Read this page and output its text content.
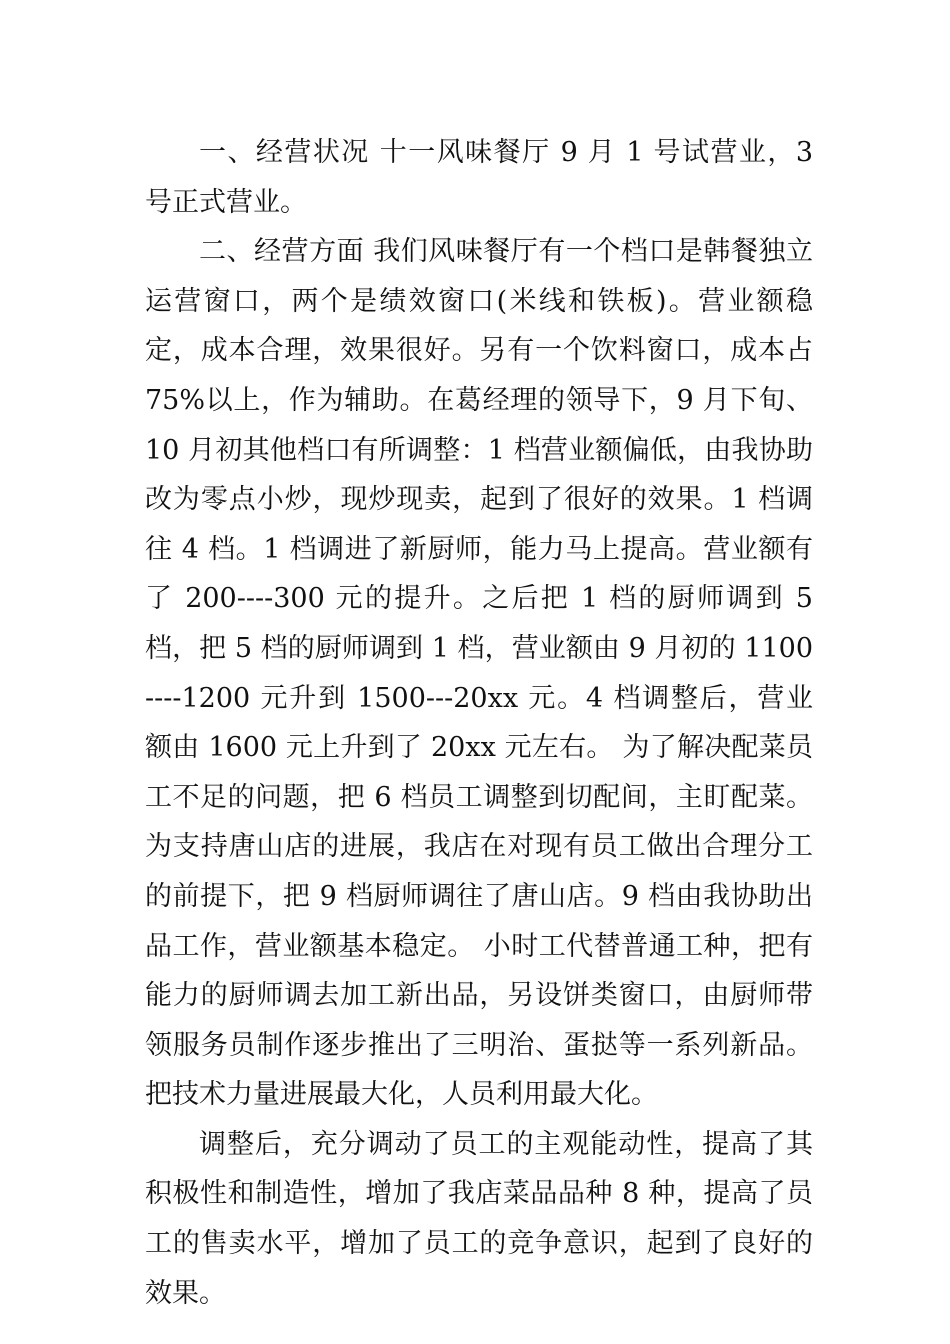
一、经营状况 十一风味餐厅 9 月 1 号试营业，3 号正式营业。

二、经营方面 我们风味餐厅有一个档口是韩餐独立运营窗口，两个是绩效窗口(米线和铁板)。营业额稳定，成本合理，效果很好。另有一个饮料窗口，成本占 75%以上，作为辅助。在葛经理的领导下，9 月下旬、10 月初其他档口有所调整：1 档营业额偏低，由我协助改为零点小炒，现炒现卖，起到了很好的效果。1 档调往 4 档。1 档调进了新厨师，能力马上提高。营业额有了 200----300 元的提升。之后把 1 档的厨师调到 5 档，把 5 档的厨师调到 1 档，营业额由 9 月初的 1100----1200 元升到 1500---20xx 元。4 档调整后，营业额由 1600 元上升到了 20xx 元左右。 为了解决配菜员工不足的问题，把 6 档员工调整到切配间，主盯配菜。为支持唐山店的进展，我店在对现有员工做出合理分工的前提下，把 9 档厨师调往了唐山店。9 档由我协助出品工作，营业额基本稳定。 小时工代替普通工种，把有能力的厨师调去加工新出品，另设饼类窗口，由厨师带领服务员制作逐步推出了三明治、蛋挞等一系列新品。把技术力量进展最大化，人员利用最大化。

调整后，充分调动了员工的主观能动性，提高了其积极性和制造性，增加了我店菜品品种 8 种，提高了员工的售卖水平，增加了员工的竞争意识，起到了良好的效果。
